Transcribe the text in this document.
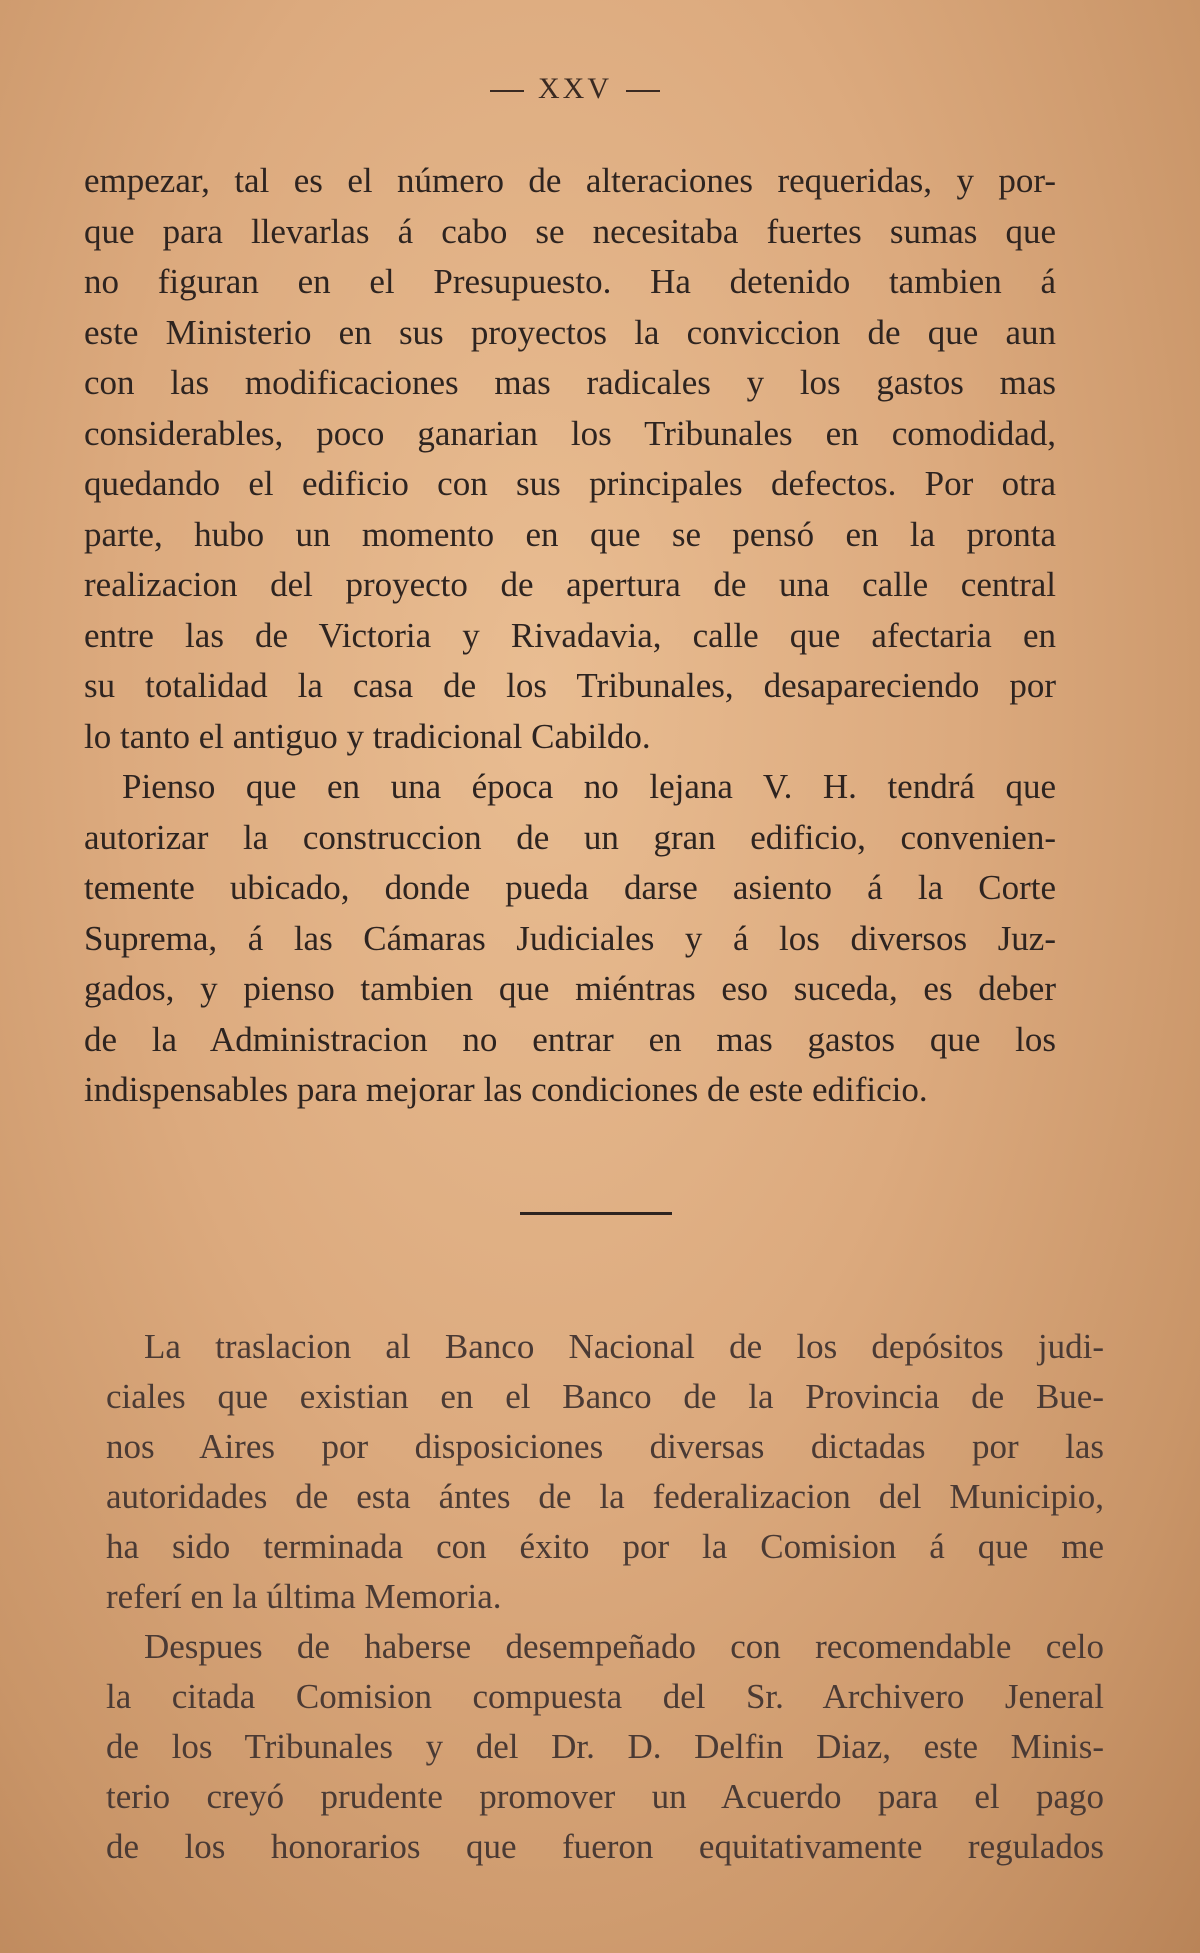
XXV
empezar, tal es el número de alteraciones requeridas, y por-
que para llevarlas á cabo se necesitaba fuertes sumas que
no figuran en el Presupuesto. Ha detenido tambien á
este Ministerio en sus proyectos la conviccion de que aun
con las modificaciones mas radicales y los gastos mas
considerables, poco ganarian los Tribunales en comodidad,
quedando el edificio con sus principales defectos. Por otra
parte, hubo un momento en que se pensó en la pronta
realizacion del proyecto de apertura de una calle central
entre las de Victoria y Rivadavia, calle que afectaria en
su totalidad la casa de los Tribunales, desapareciendo por
lo tanto el antiguo y tradicional Cabildo.
Pienso que en una época no lejana V. H. tendrá que
autorizar la construccion de un gran edificio, convenien-
temente ubicado, donde pueda darse asiento á la Corte
Suprema, á las Cámaras Judiciales y á los diversos Juz-
gados, y pienso tambien que miéntras eso suceda, es deber
de la Administracion no entrar en mas gastos que los
indispensables para mejorar las condiciones de este edificio.
La traslacion al Banco Nacional de los depósitos judi-
ciales que existian en el Banco de la Provincia de Bue-
nos Aires por disposiciones diversas dictadas por las
autoridades de esta ántes de la federalizacion del Municipio,
ha sido terminada con éxito por la Comision á que me
referí en la última Memoria.
Despues de haberse desempeñado con recomendable celo
la citada Comision compuesta del Sr. Archivero Jeneral
de los Tribunales y del Dr. D. Delfin Diaz, este Minis-
terio creyó prudente promover un Acuerdo para el pago
de los honorarios que fueron equitativamente regulados
